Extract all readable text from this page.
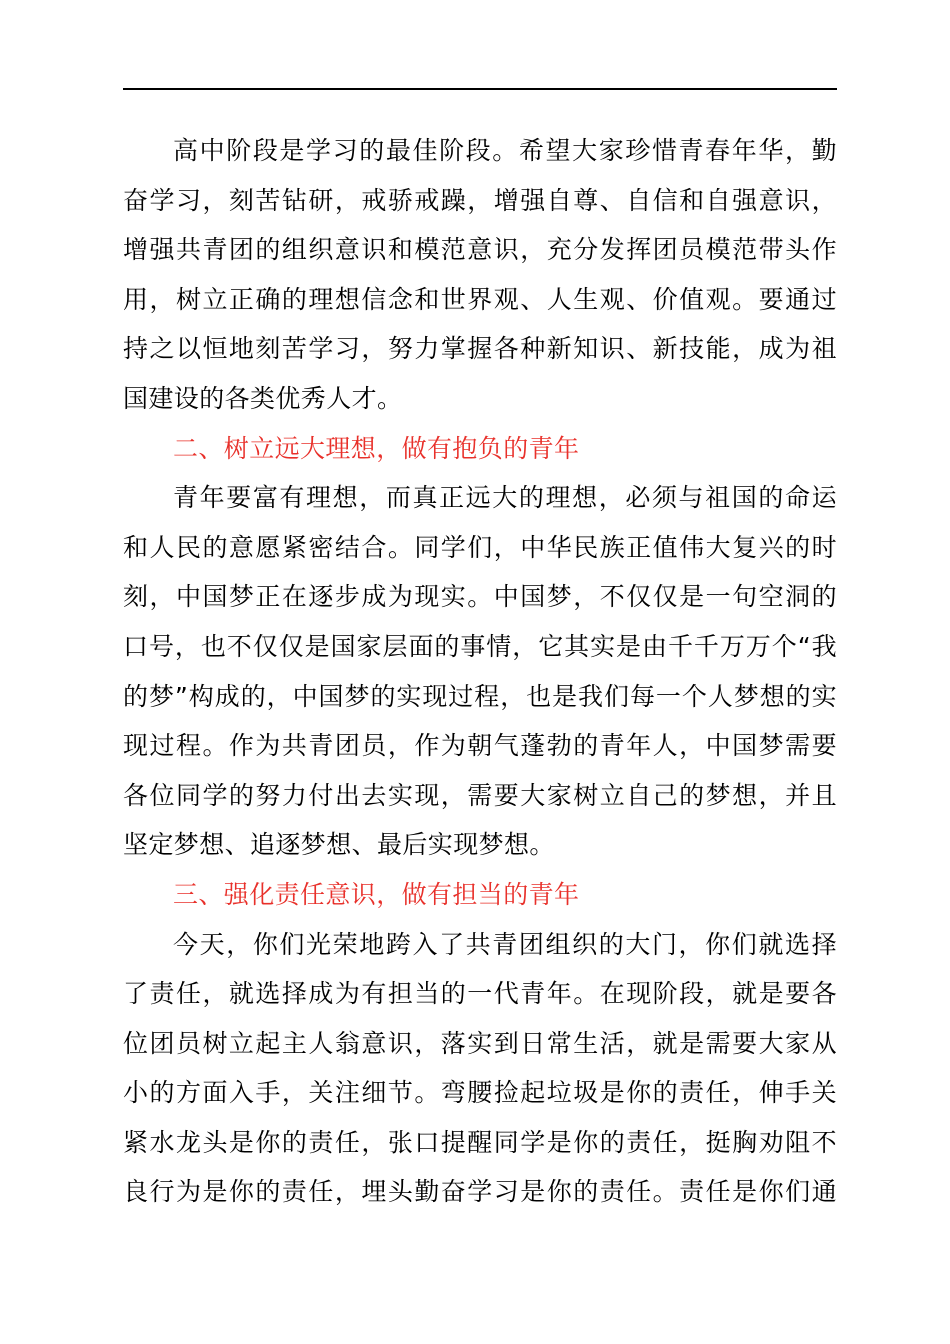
高中阶段是学习的最佳阶段。希望大家珍惜青春年华，勤
奋学习，刻苦钻研，戒骄戒躁，增强自尊、自信和自强意识，
增强共青团的组织意识和模范意识，充分发挥团员模范带头作
用，树立正确的理想信念和世界观、人生观、价值观。要通过
持之以恒地刻苦学习，努力掌握各种新知识、新技能，成为祖
国建设的各类优秀人才。

二、树立远大理想，做有抱负的青年

青年要富有理想，而真正远大的理想，必须与祖国的命运
和人民的意愿紧密结合。同学们，中华民族正值伟大复兴的时
刻，中国梦正在逐步成为现实。中国梦，不仅仅是一句空洞的
口号，也不仅仅是国家层面的事情，它其实是由千千万万个“我
的梦”构成的，中国梦的实现过程，也是我们每一个人梦想的实
现过程。作为共青团员，作为朝气蓬勃的青年人，中国梦需要
各位同学的努力付出去实现，需要大家树立自己的梦想，并且
坚定梦想、追逐梦想、最后实现梦想。

三、强化责任意识，做有担当的青年

今天，你们光荣地跨入了共青团组织的大门，你们就选择
了责任，就选择成为有担当的一代青年。在现阶段，就是要各
位团员树立起主人翁意识，落实到日常生活，就是需要大家从
小的方面入手，关注细节。弯腰捡起垃圾是你的责任，伸手关
紧水龙头是你的责任，张口提醒同学是你的责任，挺胸劝阻不
良行为是你的责任，埋头勤奋学习是你的责任。责任是你们通
